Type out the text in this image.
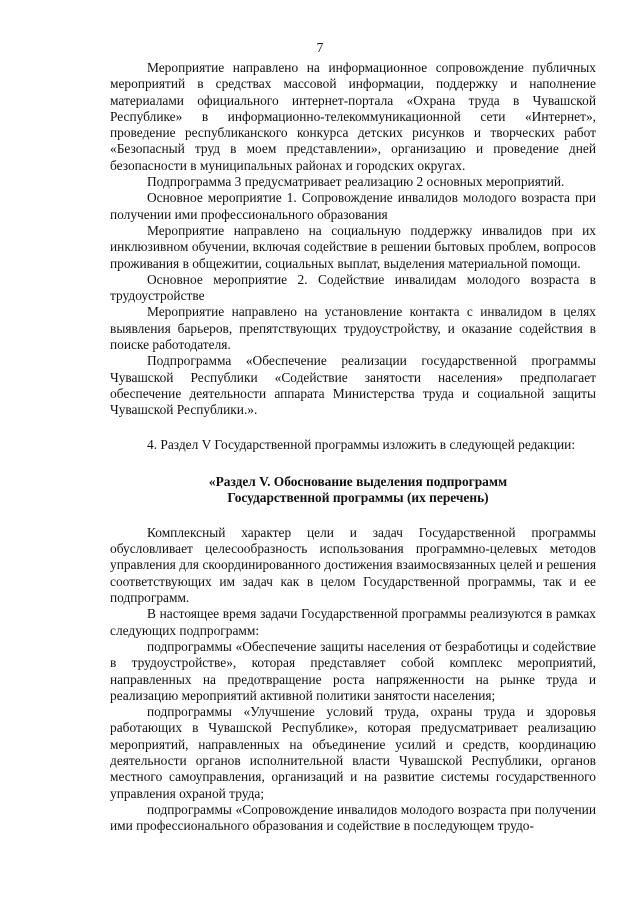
7

Мероприятие направлено на информационное сопровождение публичных мероприятий в средствах массовой информации, поддержку и наполнение материалами официального интернет-портала «Охрана труда в Чувашской Республике» в информационно-телекоммуникационной сети «Интернет», проведение республиканского конкурса детских рисунков и творческих работ «Безопасный труд в моем представлении», организацию и проведение дней безопасности в муниципальных районах и городских округах.

Подпрограмма 3 предусматривает реализацию 2 основных мероприятий.

Основное мероприятие 1. Сопровождение инвалидов молодого возраста при получении ими профессионального образования

Мероприятие направлено на социальную поддержку инвалидов при их инклюзивном обучении, включая содействие в решении бытовых проблем, вопросов проживания в общежитии, социальных выплат, выделения материальной помощи.

Основное мероприятие 2. Содействие инвалидам молодого возраста в трудоустройстве

Мероприятие направлено на установление контакта с инвалидом в целях выявления барьеров, препятствующих трудоустройству, и оказание содействия в поиске работодателя.

Подпрограмма «Обеспечение реализации государственной программы Чувашской Республики «Содействие занятости населения» предполагает обеспечение деятельности аппарата Министерства труда и социальной защиты Чувашской Республики.».

4. Раздел V Государственной программы изложить в следующей редакции:

«Раздел V. Обоснование выделения подпрограмм

Государственной программы (их перечень)

Комплексный характер цели и задач Государственной программы обусловливает целесообразность использования программно-целевых методов управления для скоординированного достижения взаимосвязанных целей и решения соответствующих им задач как в целом Государственной программы, так и ее подпрограмм.

В настоящее время задачи Государственной программы реализуются в рамках следующих подпрограмм:

подпрограммы «Обеспечение защиты населения от безработицы и содействие в трудоустройстве», которая представляет собой комплекс мероприятий, направленных на предотвращение роста напряженности на рынке труда и реализацию мероприятий активной политики занятости населения;

подпрограммы «Улучшение условий труда, охраны труда и здоровья работающих в Чувашской Республике», которая предусматривает реализацию мероприятий, направленных на объединение усилий и средств, координацию деятельности органов исполнительной власти Чувашской Республики, органов местного самоуправления, организаций и на развитие системы государственного управления охраной труда;

подпрограммы «Сопровождение инвалидов молодого возраста при получении ими профессионального образования и содействие в последующем трудо-
